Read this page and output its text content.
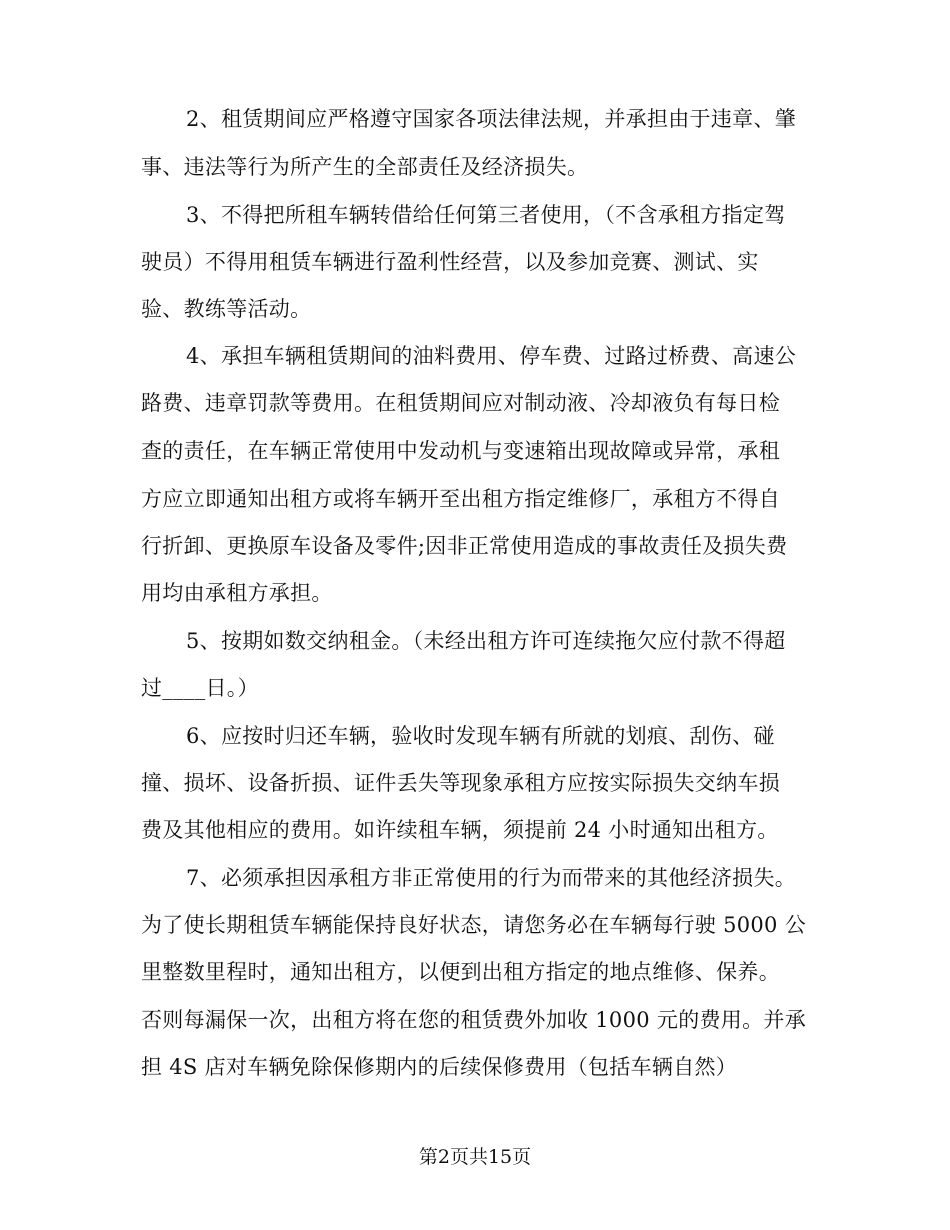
2、租赁期间应严格遵守国家各项法律法规，并承担由于违章、肇
事、违法等行为所产生的全部责任及经济损失。
3、不得把所租车辆转借给任何第三者使用，（不含承租方指定驾
驶员）不得用租赁车辆进行盈利性经营，以及参加竞赛、测试、实
验、教练等活动。
4、承担车辆租赁期间的油料费用、停车费、过路过桥费、高速公
路费、违章罚款等费用。在租赁期间应对制动液、冷却液负有每日检
查的责任，在车辆正常使用中发动机与变速箱出现故障或异常，承租
方应立即通知出租方或将车辆开至出租方指定维修厂，承租方不得自
行折卸、更换原车设备及零件;因非正常使用造成的事故责任及损失费
用均由承租方承担。
5、按期如数交纳租金。（未经出租方许可连续拖欠应付款不得超
过____日。）
6、应按时归还车辆，验收时发现车辆有所就的划痕、刮伤、碰
撞、损坏、设备折损、证件丢失等现象承租方应按实际损失交纳车损
费及其他相应的费用。如许续租车辆，须提前 24 小时通知出租方。
7、必须承担因承租方非正常使用的行为而带来的其他经济损失。
为了使长期租赁车辆能保持良好状态，请您务必在车辆每行驶 5000 公
里整数里程时，通知出租方，以便到出租方指定的地点维修、保养。
否则每漏保一次，出租方将在您的租赁费外加收 1000 元的费用。并承
担 4S 店对车辆免除保修期内的后续保修费用（包括车辆自然）
第2页共15页
